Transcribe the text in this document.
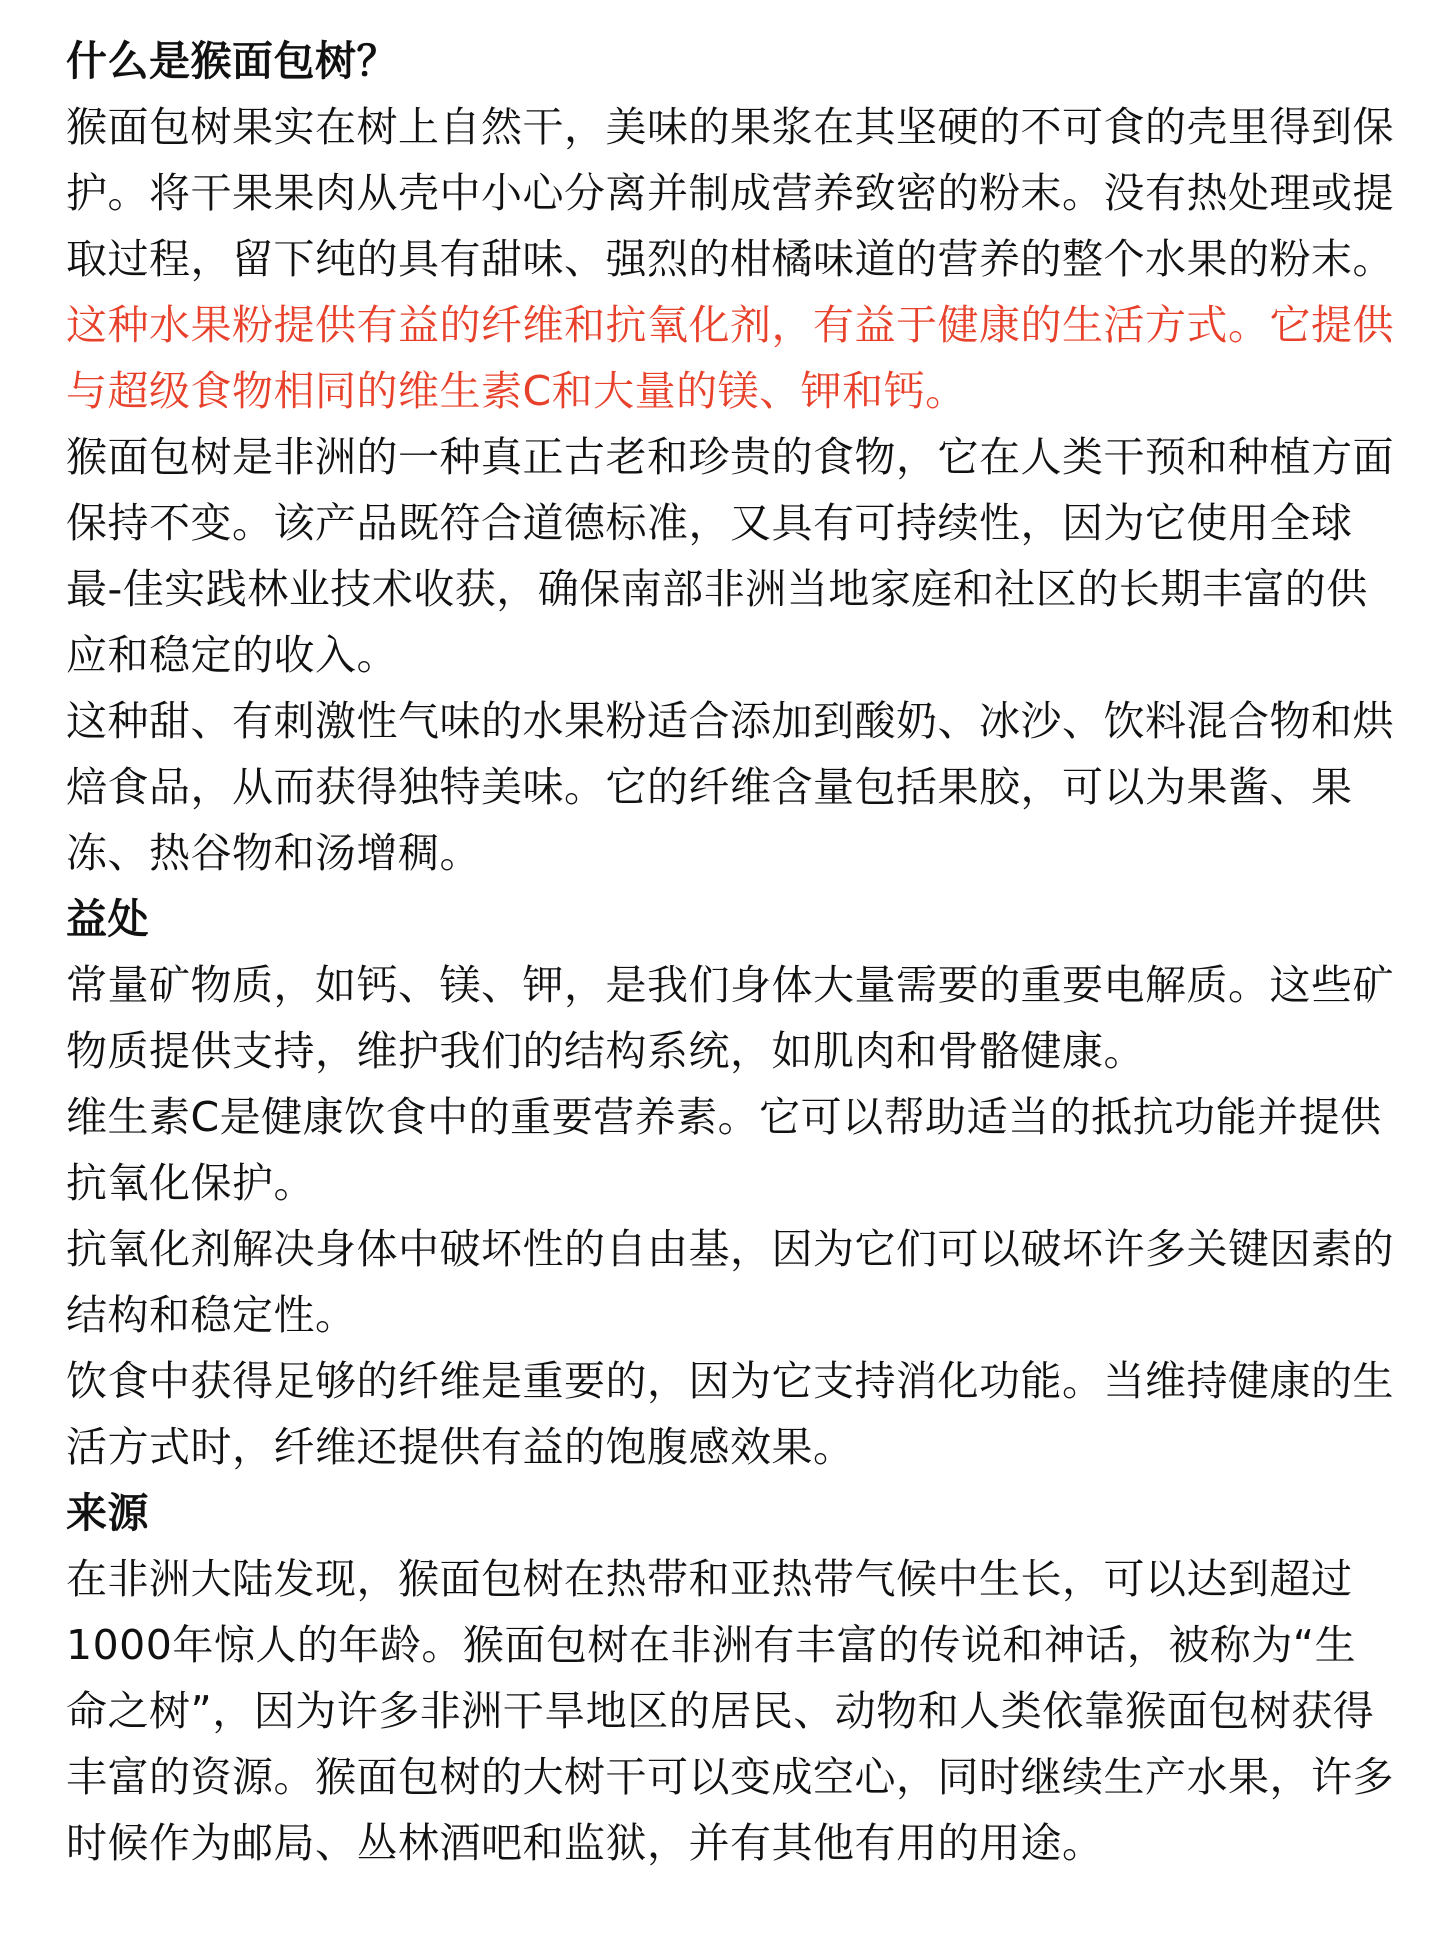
什么是猴面包树？

猴面包树果实在树上自然干，美味的果浆在其坚硬的不可食的壳里得到保护。将干果果肉从壳中小心分离并制成营养致密的粉末。没有热处理或提取过程，留下纯的具有甜味、强烈的柑橘味道的营养的整个水果的粉末。这种水果粉提供有益的纤维和抗氧化剂，有益于健康的生活方式。它提供与超级食物相同的维生素C和大量的镁、钾和钙。

猴面包树是非洲的一种真正古老和珍贵的食物，它在人类干预和种植方面保持不变。该产品既符合道德标准，又具有可持续性，因为它使用全球最-佳实践林业技术收获，确保南部非洲当地家庭和社区的长期丰富的供应和稳定的收入。

这种甜、有刺激性气味的水果粉适合添加到酸奶、冰沙、饮料混合物和烘焙食品，从而获得独特美味。它的纤维含量包括果胶，可以为果酱、果冻、热谷物和汤增稠。

益处

常量矿物质，如钙、镁、钾，是我们身体大量需要的重要电解质。这些矿物质提供支持，维护我们的结构系统，如肌肉和骨骼健康。

维生素C是健康饮食中的重要营养素。它可以帮助适当的抵抗功能并提供抗氧化保护。

抗氧化剂解决身体中破坏性的自由基，因为它们可以破坏许多关键因素的结构和稳定性。

饮食中获得足够的纤维是重要的，因为它支持消化功能。当维持健康的生活方式时，纤维还提供有益的饱腹感效果。

来源

在非洲大陆发现，猴面包树在热带和亚热带气候中生长，可以达到超过1000年惊人的年龄。猴面包树在非洲有丰富的传说和神话，被称为“生命之树”，因为许多非洲干旱地区的居民、动物和人类依靠猴面包树获得丰富的资源。猴面包树的大树干可以变成空心，同时继续生产水果，许多时候作为邮局、丛林酒吧和监狱，并有其他有用的用途。
